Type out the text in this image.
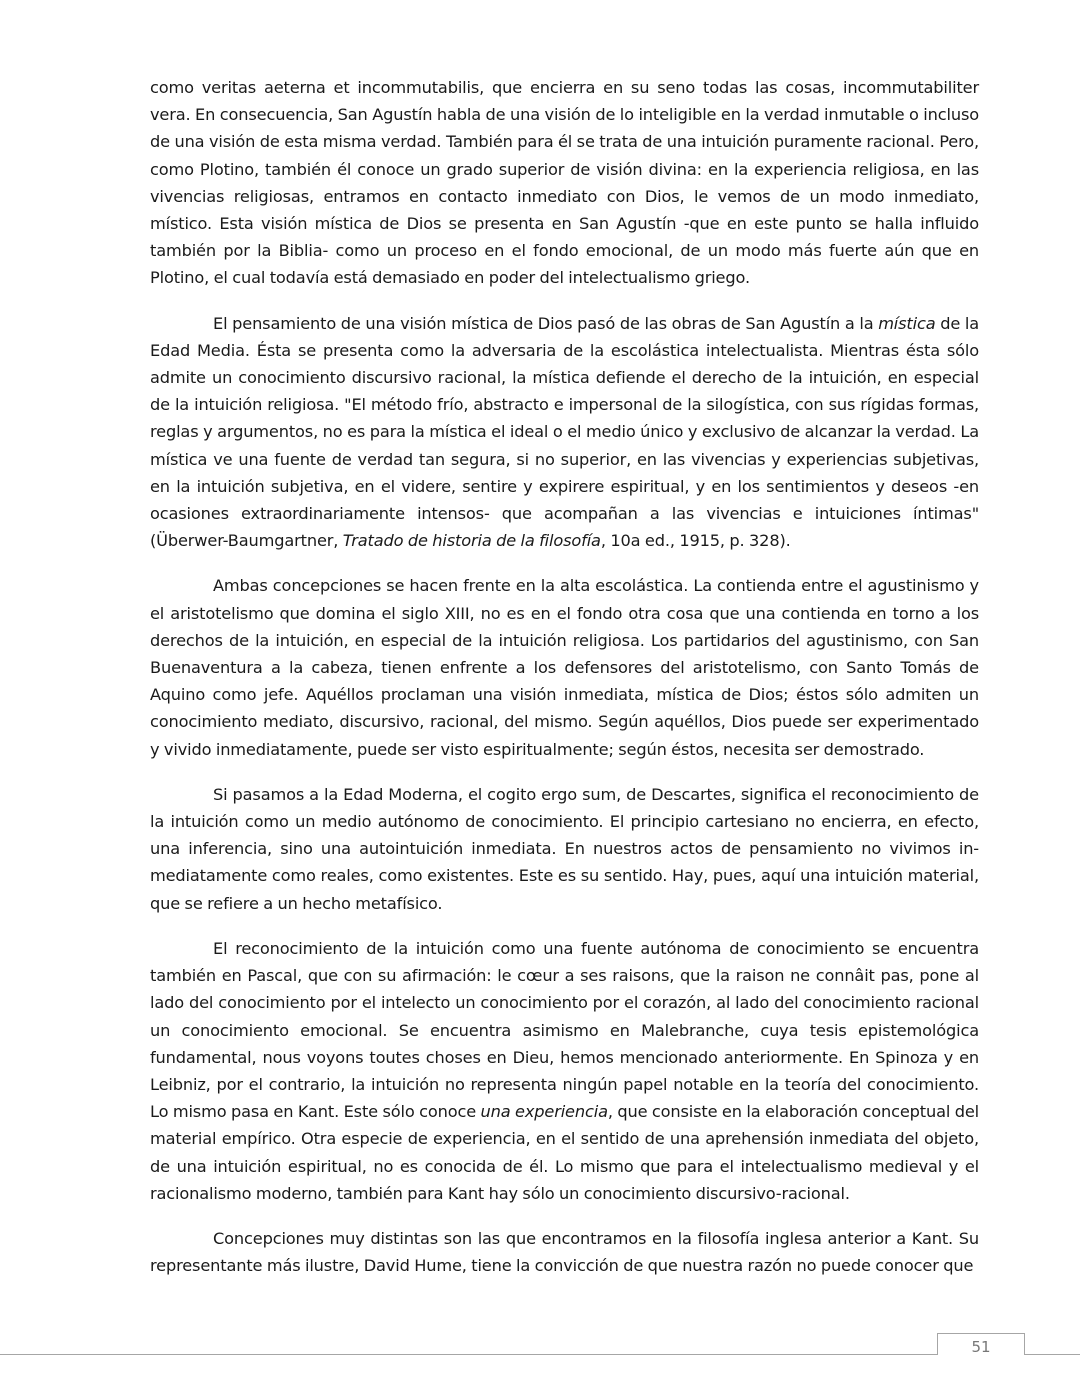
como veritas aeterna et incommutabilis, que encierra en su seno todas las cosas, incommutabiliter vera. En consecuencia, San Agustín habla de una visión de lo inteligible en la verdad inmutable o incluso de una visión de esta misma verdad. También para él se trata de una intuición puramente racional. Pero, como Plotino, también él conoce un grado superior de visión divina: en la experiencia religiosa, en las vivencias religiosas, entramos en contacto inmediato con Dios, le vemos de un modo inmediato, místico. Esta visión mística de Dios se presenta en San Agustín -que en este punto se halla influido también por la Biblia- como un proceso en el fondo emocional, de un modo más fuerte aún que en Plotino, el cual todavía está demasiado en poder del intelectualismo griego.

El pensamiento de una visión mística de Dios pasó de las obras de San Agustín a la mística de la Edad Media. Ésta se presenta como la adversaria de la escolástica intelectualista. Mientras ésta sólo admite un conocimiento discursivo racional, la mística defiende el derecho de la intuición, en especial de la intuición religiosa. "El método frío, abstracto e impersonal de la silogística, con sus rígidas formas, reglas y argumentos, no es para la mística el ideal o el medio único y exclusivo de alcanzar la verdad. La mística ve una fuente de verdad tan segura, si no superior, en las vivencias y experiencias subjetivas, en la intuición subjetiva, en el videre, sentire y expirere espiritual, y en los sentimientos y deseos -en ocasiones extraordinariamente intensos- que acompañan a las vivencias e intuiciones íntimas" (Überwer-Baumgartner, Tratado de historia de la filosofía, 10a ed., 1915, p. 328).

Ambas concepciones se hacen frente en la alta escolástica. La contienda entre el agustinismo y el aristotelismo que domina el siglo XIII, no es en el fondo otra cosa que una contienda en torno a los derechos de la intuición, en especial de la intuición religiosa. Los partidarios del agustinismo, con San Buenaventura a la cabeza, tienen enfrente a los defensores del aristotelismo, con Santo Tomás de Aquino como jefe. Aquéllos proclaman una visión inmediata, mística de Dios; éstos sólo admiten un conocimiento mediato, discursivo, racional, del mismo. Según aquéllos, Dios puede ser experimentado y vivido inmediatamente, puede ser visto espiritualmente; según éstos, necesita ser demostrado.

Si pasamos a la Edad Moderna, el cogito ergo sum, de Descartes, significa el reconocimiento de la intuición como un medio autónomo de conocimiento. El principio cartesiano no encierra, en efecto, una inferencia, sino una autointuición inmediata. En nuestros actos de pensamiento no vivimos in-mediatamente como reales, como existentes. Este es su sentido. Hay, pues, aquí una intuición material, que se refiere a un hecho metafísico.

El reconocimiento de la intuición como una fuente autónoma de conocimiento se encuentra también en Pascal, que con su afirmación: le cœur a ses raisons, que la raison ne connâit pas, pone al lado del conocimiento por el intelecto un conocimiento por el corazón, al lado del conocimiento racional un conocimiento emocional. Se encuentra asimismo en Malebranche, cuya tesis epistemológica fundamental, nous voyons toutes choses en Dieu, hemos mencionado anteriormente. En Spinoza y en Leibniz, por el contrario, la intuición no representa ningún papel notable en la teoría del conocimiento. Lo mismo pasa en Kant. Este sólo conoce una experiencia, que consiste en la elaboración conceptual del material empírico. Otra especie de experiencia, en el sentido de una aprehensión inmediata del objeto, de una intuición espiritual, no es conocida de él. Lo mismo que para el intelectualismo medieval y el racionalismo moderno, también para Kant hay sólo un conocimiento discursivo-racional.

Concepciones muy distintas son las que encontramos en la filosofía inglesa anterior a Kant. Su representante más ilustre, David Hume, tiene la convicción de que nuestra razón no puede conocer que

51
